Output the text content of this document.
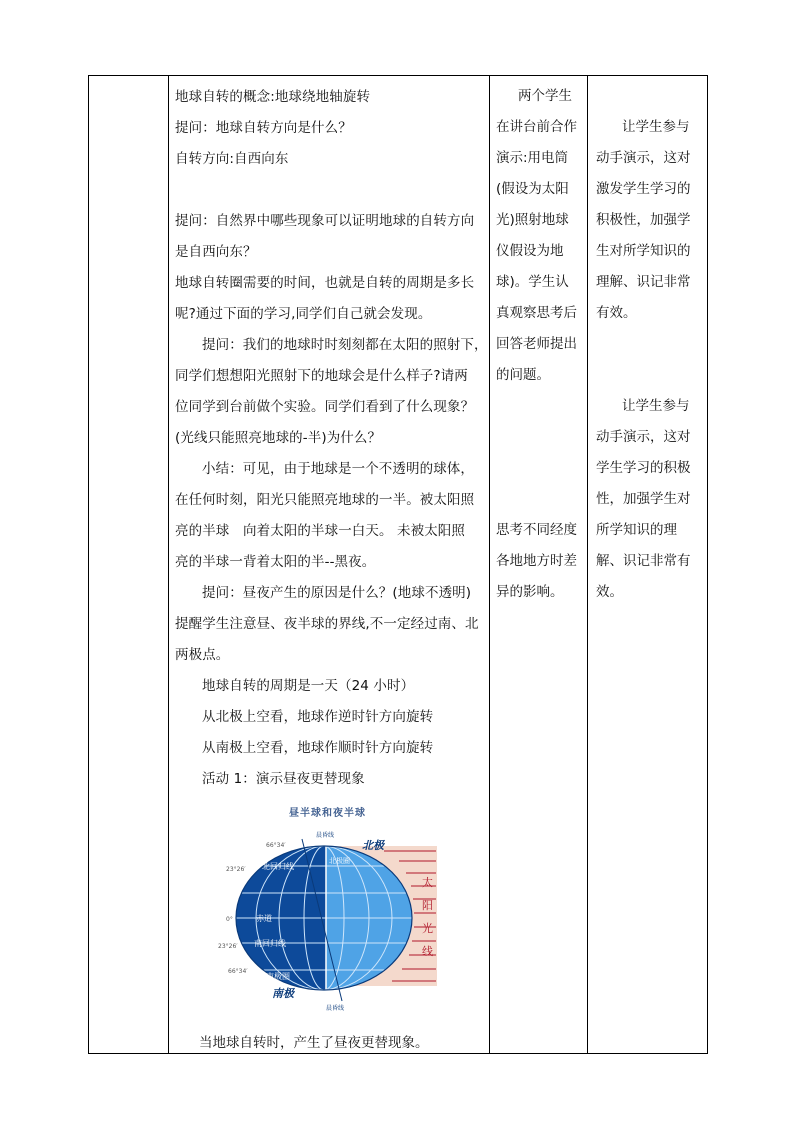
地球自转的概念:地球绕地轴旋转
提问：地球自转方向是什么？
自转方向:自西向东
提问：自然界中哪些现象可以证明地球的自转方向
是自西向东？
地球自转圈需要的时间，也就是自转的周期是多长
呢?通过下面的学习,同学们自己就会发现。
提问：我们的地球时时刻刻都在太阳的照射下，
同学们想想阳光照射下的地球会是什么样子?请两
位同学到台前做个实验。同学们看到了什么现象？
(光线只能照亮地球的-半)为什么？
小结：可见，由于地球是一个不透明的球体，
在任何时刻，阳光只能照亮地球的一半。被太阳照
亮的半球　向着太阳的半球一白天。 未被太阳照
亮的半球一背着太阳的半--黑夜。
提问：昼夜产生的原因是什么？(地球不透明)
提醒学生注意昼、夜半球的界线,不一定经过南、北
两极点。
地球自转的周期是一天（24 小时）
从北极上空看，地球作逆时针方向旋转
从南极上空看，地球作顺时针方向旋转
活动 1：演示昼夜更替现象
昼半球和夜半球
北回归线
赤道
南回归线
南极圈
北极圈
北极
南极
晨昏线
晨昏线
66°34′
23°26′
0°
23°26′
66°34′
太
阳
光
线
当地球自转时，产生了昼夜更替现象。
两个学生
在讲台前合作
演示:用电筒
(假设为太阳
光)照射地球
仪假设为地
球)。学生认
真观察思考后
回答老师提出
的问题。
思考不同经度
各地地方时差
异的影响。
让学生参与
动手演示，这对
激发学生学习的
积极性，加强学
生对所学知识的
理解、识记非常
有效。
让学生参与
动手演示，这对
学生学习的积极
性，加强学生对
所学知识的理
解、识记非常有
效。
